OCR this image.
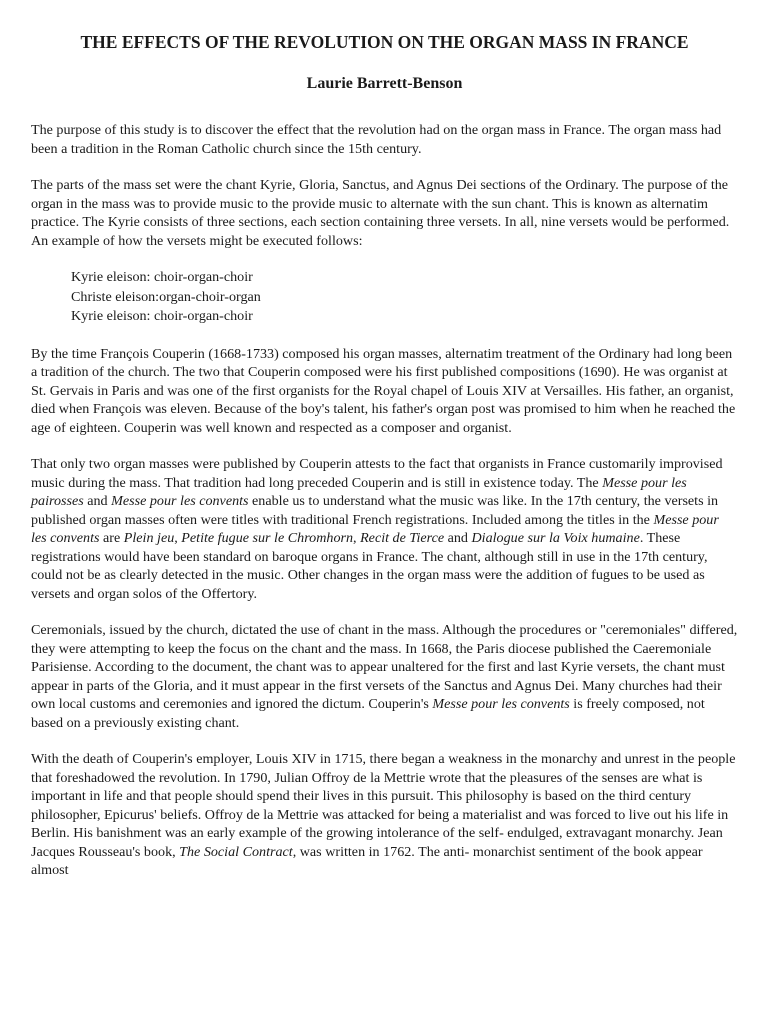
THE EFFECTS OF THE REVOLUTION ON THE ORGAN MASS IN FRANCE
Laurie Barrett-Benson

The purpose of this study is to discover the effect that the revolution had on the organ mass in France. The organ mass had been a tradition in the Roman Catholic church since the 15th century.

The parts of the mass set were the chant Kyrie, Gloria, Sanctus, and Agnus Dei sections of the Ordinary. The purpose of the organ in the mass was to provide music to the provide music to alternate with the sun chant. This is known as alternatim practice. The Kyrie consists of three sections, each section containing three versets. In all, nine versets would be performed. An example of how the versets might be executed follows:

Kyrie eleison: choir-organ-choir
Christe eleison:organ-choir-organ
Kyrie eleison: choir-organ-choir

By the time François Couperin (1668-1733) composed his organ masses, alternatim treatment of the Ordinary had long been a tradition of the church. The two that Couperin composed were his first published compositions (1690). He was organist at St. Gervais in Paris and was one of the first organists for the Royal chapel of Louis XIV at Versailles. His father, an organist, died when François was eleven. Because of the boy's talent, his father's organ post was promised to him when he reached the age of eighteen. Couperin was well known and respected as a composer and organist.

That only two organ masses were published by Couperin attests to the fact that organists in France customarily improvised music during the mass. That tradition had long preceded Couperin and is still in existence today. The Messe pour les pairosses and Messe pour les convents enable us to understand what the music was like. In the 17th century, the versets in published organ masses often were titles with traditional French registrations. Included among the titles in the Messe pour les convents are Plein jeu, Petite fugue sur le Chromhorn, Recit de Tierce and Dialogue sur la Voix humaine. These registrations would have been standard on baroque organs in France. The chant, although still in use in the 17th century, could not be as clearly detected in the music. Other changes in the organ mass were the addition of fugues to be used as versets and organ solos of the Offertory.

Ceremonials, issued by the church, dictated the use of chant in the mass. Although the procedures or "ceremoniales" differed, they were attempting to keep the focus on the chant and the mass. In 1668, the Paris diocese published the Caeremoniale Parisiense. According to the document, the chant was to appear unaltered for the first and last Kyrie versets, the chant must appear in parts of the Gloria, and it must appear in the first versets of the Sanctus and Agnus Dei. Many churches had their own local customs and ceremonies and ignored the dictum. Couperin's Messe pour les convents is freely composed, not based on a previously existing chant.

With the death of Couperin's employer, Louis XIV in 1715, there began a weakness in the monarchy and unrest in the people that foreshadowed the revolution. In 1790, Julian Offroy de la Mettrie wrote that the pleasures of the senses are what is important in life and that people should spend their lives in this pursuit. This philosophy is based on the third century philosopher, Epicurus' beliefs. Offroy de la Mettrie was attacked for being a materialist and was forced to live out his life in Berlin. His banishment was an early example of the growing intolerance of the self- endulged, extravagant monarchy. Jean Jacques Rousseau's book, The Social Contract, was written in 1762. The anti- monarchist sentiment of the book appear almost
